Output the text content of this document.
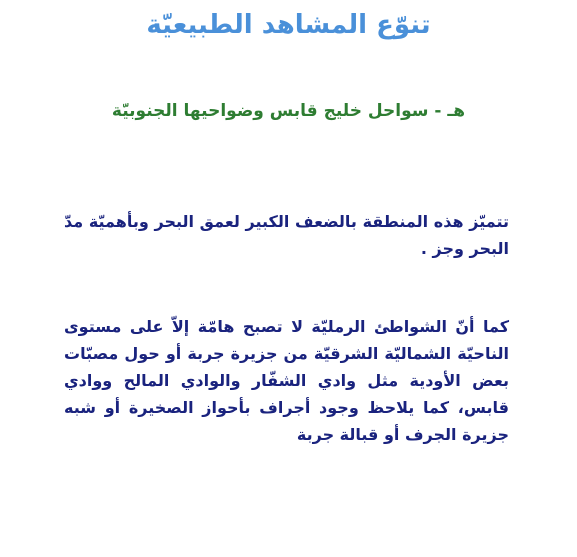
تنوّع المشاهد الطبيعيّة
هـ - سواحل خليج قابس وضواحيها الجنوبيّة

تتميّز هذه المنطقة بالضعف الكبير لعمق البحر وبأهميّة مدّ البحر وجز .

كما أنّ الشواطئ الرمليّة لا تصبح هامّة إلاّ على مستوى الناحيّة الشماليّة الشرقيّة من جزيرة جربة أو حول مصبّات بعض الأودية مثل وادي الشفّار والوادي المالح ووادي قابس، كما يلاحظ وجود أجراف بأحواز الصخيرة أو شبه جزيرة الجرف أو قبالة جربة
